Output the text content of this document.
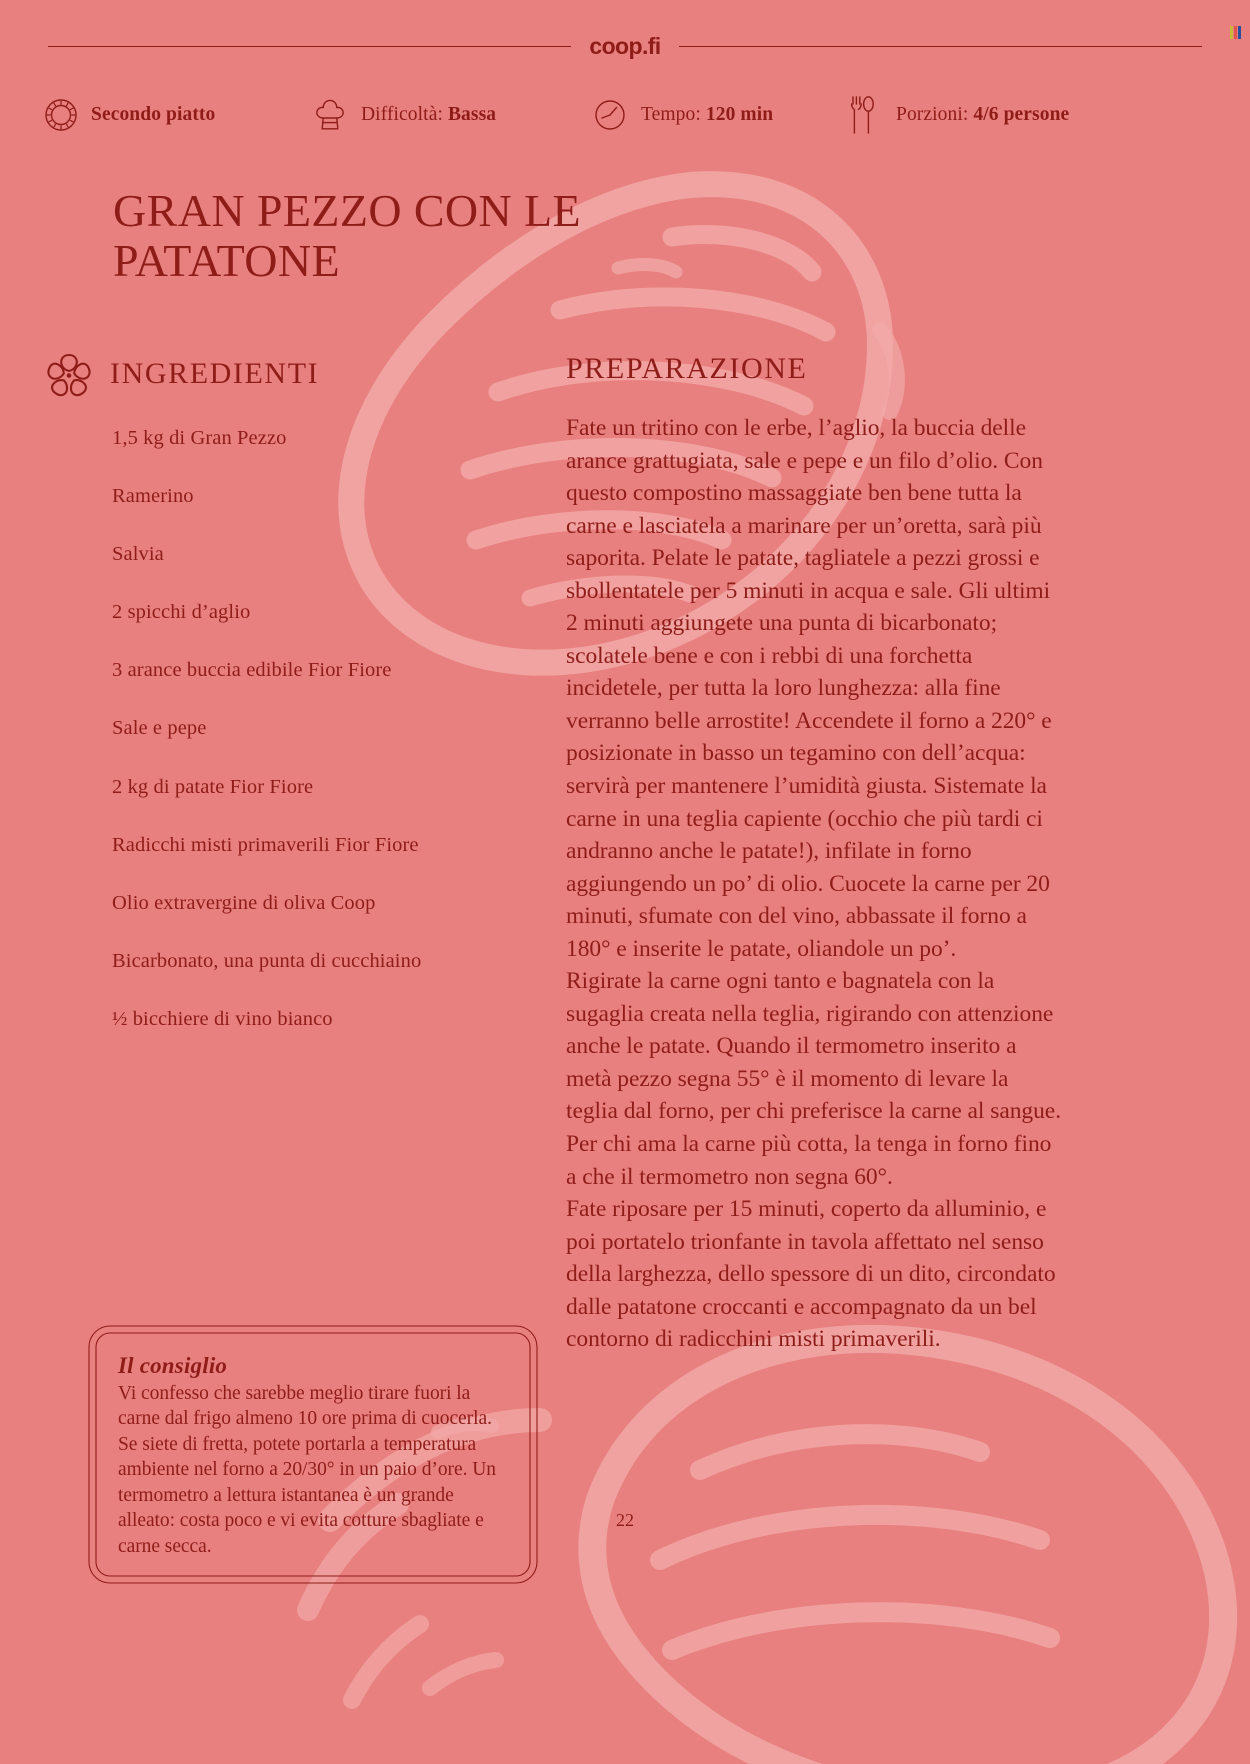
coop.fi
Secondo piatto	Difficoltà: Bassa	Tempo: 120 min	Porzioni: 4/6 persone
GRAN PEZZO CON LE PATATONE
INGREDIENTI
1,5 kg di Gran Pezzo
Ramerino
Salvia
2 spicchi d’aglio
3 arance buccia edibile Fior Fiore
Sale e pepe
2 kg di patate Fior Fiore
Radicchi misti primaverili Fior Fiore
Olio extravergine di oliva Coop
Bicarbonato, una punta di cucchiaino
½ bicchiere di vino bianco
PREPARAZIONE

Fate un tritino con le erbe, l’aglio, la buccia delle arance grattugiata, sale e pepe e un filo d’olio. Con questo compostino massaggiate ben bene tutta la carne e lasciatela a marinare per un’oretta, sarà più saporita. Pelate le patate, tagliatele a pezzi grossi e sbollentatele per 5 minuti in acqua e sale. Gli ultimi 2 minuti aggiungete una punta di bicarbonato; scolatele bene e con i rebbi di una forchetta incidetele, per tutta la loro lunghezza: alla fine verranno belle arrostite! Accendete il forno a 220° e posizionate in basso un tegamino con dell’acqua: servirà per mantenere l’umidità giusta. Sistemate la carne in una teglia capiente (occhio che più tardi ci andranno anche le patate!), infilate in forno aggiungendo un po’ di olio. Cuocete la carne per 20 minuti, sfumate con del vino, abbassate il forno a 180° e inserite le patate, oliandole un po’.

Rigirate la carne ogni tanto e bagnatela con la sugaglia creata nella teglia, rigirando con attenzione anche le patate. Quando il termometro inserito a metà pezzo segna 55° è il momento di levare la teglia dal forno, per chi preferisce la carne al sangue. Per chi ama la carne più cotta, la tenga in forno fino a che il termometro non segna 60°.

Fate riposare per 15 minuti, coperto da alluminio, e poi portatelo trionfante in tavola affettato nel senso della larghezza, dello spessore di un dito, circondato dalle patatone croccanti e accompagnato da un bel contorno di radicchini misti primaverili.

Il consiglio
Vi confesso che sarebbe meglio tirare fuori la carne dal frigo almeno 10 ore prima di cuocerla. Se siete di fretta, potete portarla a temperatura ambiente nel forno a 20/30° in un paio d’ore. Un termometro a lettura istantanea è un grande alleato: costa poco e vi evita cotture sbagliate e carne secca.
22
